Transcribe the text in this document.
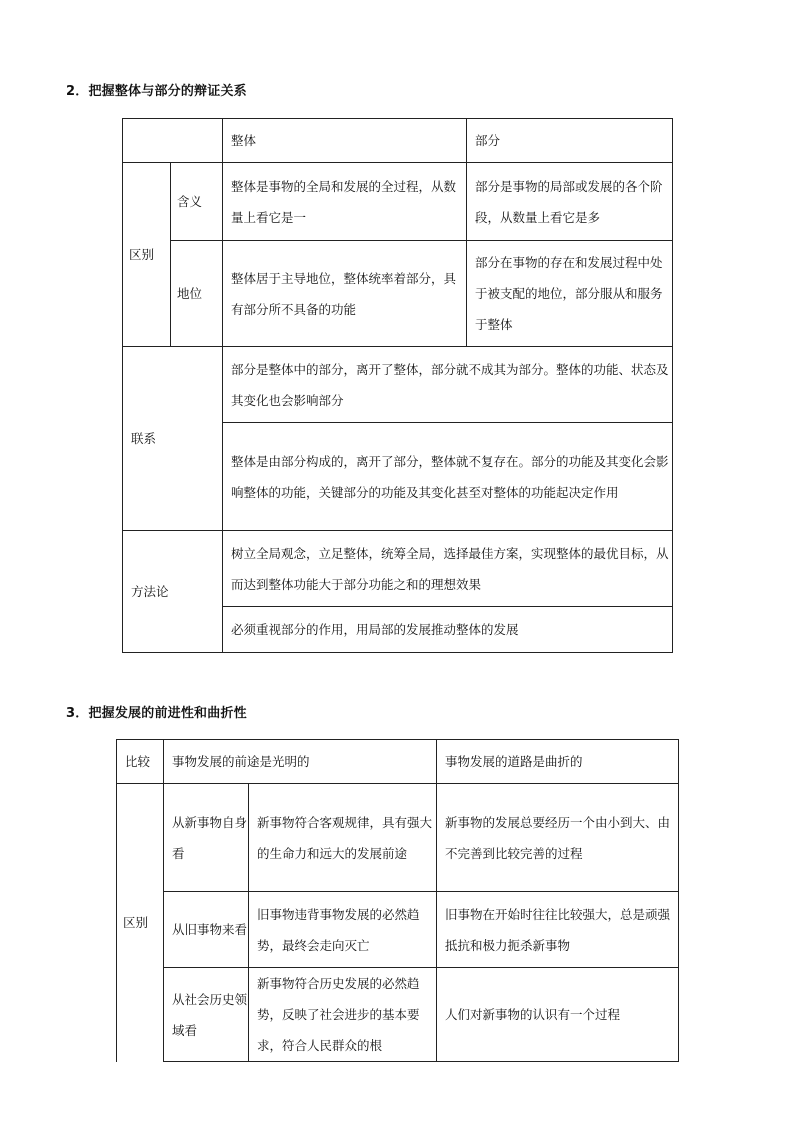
2．把握整体与部分的辩证关系
		整体	部分
区别	含义	整体是事物的全局和发展的全过程，从数量上看它是一	部分是事物的局部或发展的各个阶段，从数量上看它是多
	地位	整体居于主导地位，整体统率着部分，具有部分所不具备的功能	部分在事物的存在和发展过程中处于被支配的地位，部分服从和服务于整体
联系		部分是整体中的部分，离开了整体，部分就不成其为部分。整体的功能、状态及其变化也会影响部分	
		整体是由部分构成的，离开了部分，整体就不复存在。部分的功能及其变化会影响整体的功能，关键部分的功能及其变化甚至对整体的功能起决定作用	
方法论		树立全局观念，立足整体，统筹全局，选择最佳方案，实现整体的最优目标，从而达到整体功能大于部分功能之和的理想效果	
		必须重视部分的作用，用局部的发展推动整体的发展	
3．把握发展的前进性和曲折性
比较	事物发展的前途是光明的		事物发展的道路是曲折的
区别	从新事物自身看	新事物符合客观规律，具有强大的生命力和远大的发展前途	新事物的发展总要经历一个由小到大、由不完善到比较完善的过程
	从旧事物来看	旧事物违背事物发展的必然趋势，最终会走向灭亡	旧事物在开始时往往比较强大，总是顽强抵抗和极力扼杀新事物
	从社会历史领域看	新事物符合历史发展的必然趋势，反映了社会进步的基本要求，符合人民群众的根	人们对新事物的认识有一个过程
